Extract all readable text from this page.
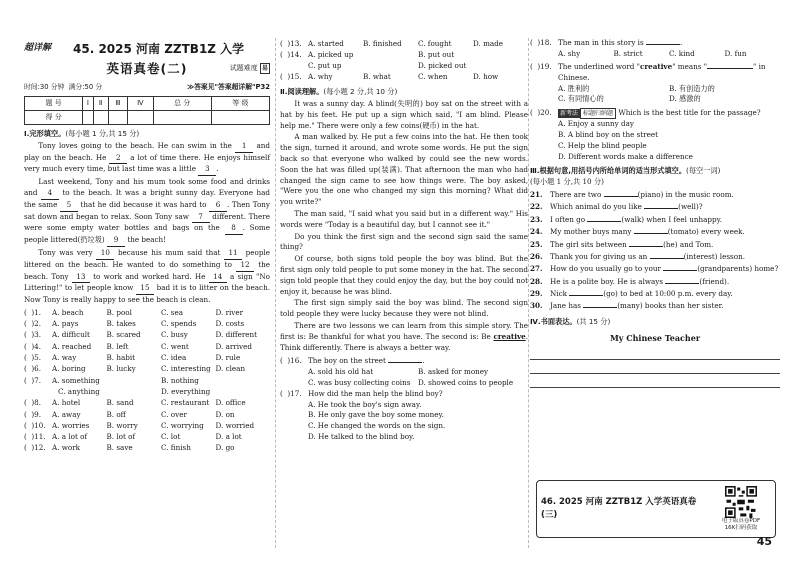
超详解 45. 2025 河南 ZZTB1Z 入学
英语真卷(二)	试题难度 易
时间:30 分钟 满分:50 分	≫答案见"答案超详解"P32
题 号	Ⅰ	Ⅱ	Ⅲ	Ⅳ	总 分	等 级
得 分						
Ⅰ.完形填空。(每小题 1 分,共 15 分)

Tony loves going to the beach. He can swim in the 1 and play on the beach. He 2 a lot of time there. He enjoys himself very much every time, but last time was a little 3 .

Last weekend, Tony and his mum took some food and drinks and 4 to the beach. It was a bright sunny day. Everyone had the same 5 that he did because it was hard to 6 . Then Tony sat down and began to relax. Soon Tony saw 7 different. There were some empty water bottles and bags on the 8 . Some people littered(扔垃圾) 9 the beach!

Tony was very 10 because his mum said that 11 people littered on the beach. He wanted to do something to 12 the beach. Tony 13 to work and worked hard. He 14 a sign "No Littering!" to let people know 15 bad it is to litter on the beach. Now Tony is really happy to see the beach is clean.

(  )1.	A. beach	B. pool	C. sea	D. river
(  )2.	A. pays	B. takes	C. spends	D. costs
(  )3.	A. difficult	B. scared	C. busy	D. different
(  )4.	A. reached	B. left	C. went	D. arrived
(  )5.	A. way	B. habit	C. idea	D. rule
(  )6.	A. boring	B. lucky	C. interesting D. clean
(  )7.	A. something	B. nothing
C. anything	D. everything
(  )8.	A. hotel	B. sand	C. restaurant D. office
(  )9.	A. away	B. off	C. over	D. on
(  )10. A. worries	B. worry	C. worrying	D. worried
(  )11. A. a lot of	B. lot of	C. lot	D. a lot
(  )12. A. work	B. save	C. finish	D. go
(  )13. A. started	B. finished	C. fought	D. made
(  )14. A. picked up	B. put out
C. put up	D. picked out
(  )15. A. why	B. what	C. when	D. how
Ⅱ.阅读理解。(每小题 2 分,共 10 分)

It was a sunny day. A blind(失明的) boy sat on the street with a hat by his feet. He put up a sign which said, "I am blind. Please help me." There were only a few coins(硬币) in the hat.

A man walked by. He put a few coins into the hat. He then took the sign, turned it around, and wrote some words. He put the sign back so that everyone who walked by could see the new words. Soon the hat was filled up(装满). That afternoon the man who had changed the sign came to see how things were. The boy asked, "Were you the one who changed my sign this morning? What did you write?"

The man said, "I said what you said but in a different way." His words were "Today is a beautiful day, but I cannot see it."

Do you think the first sign and the second sign said the same thing?

Of course, both signs told people the boy was blind. But the first sign only told people to put some money in the hat. The second sign told people that they could enjoy the day, but the boy could not enjoy it, because he was blind.

The first sign simply said the boy was blind. The second sign told people they were lucky because they were not blind.

There are two lessons we can learn from this simple story. The first is: Be thankful for what you have. The second is: Be creative. Think differently. There is always a better way.

(  )16. The boy on the street	.
A. sold his old hat	B. asked for money
C. was busy collecting coins	D. showed coins to people
(  )17. How did the man help the blind boy?
A. He took the boy's sign away.
B. He only gave the boy some money.
C. He changed the words on the sign.
D. He talked to the blind boy.
(  )18. The man in this story is	.
A. shy	B. strict	C. kind	D. fun
(  )19. The underlined word "creative" means "	" in Chinese.
A. 胜利的	B. 有创造力的
C. 有同情心的	D. 感激的
(  )20.	新考法 标题归纳题 Which is the best title for the passage?
A. Enjoy a sunny day
B. A blind boy on the street
C. Help the blind people
D. Different words make a difference
Ⅲ.根据句意,用括号内所给单词的适当形式填空。(每空一词)
(每小题 1 分,共 10 分)
21.	There are two	(piano) in the music room.
22.	Which animal do you like	(well)?
23.	I often go	(walk) when I feel unhappy.
24.	My mother buys many	(tomato) every week.
25.	The girl sits between	(he) and Tom.
26.	Thank you for giving us an	(interest) lesson.
27.	How do you usually go to your	(grandparents) home?
28.	He is a polite boy. He is always	(friend).
29.	Nick	(go) to bed at 10:00 p.m. every day.
30.	Jane has	(many) books than her sister.
Ⅳ.书面表达。(共 15 分)
My Chinese Teacher
46. 2025 河南 ZZTB1Z 入学英语真卷(三)
电子版真卷PDF
16K扫码获取
45
